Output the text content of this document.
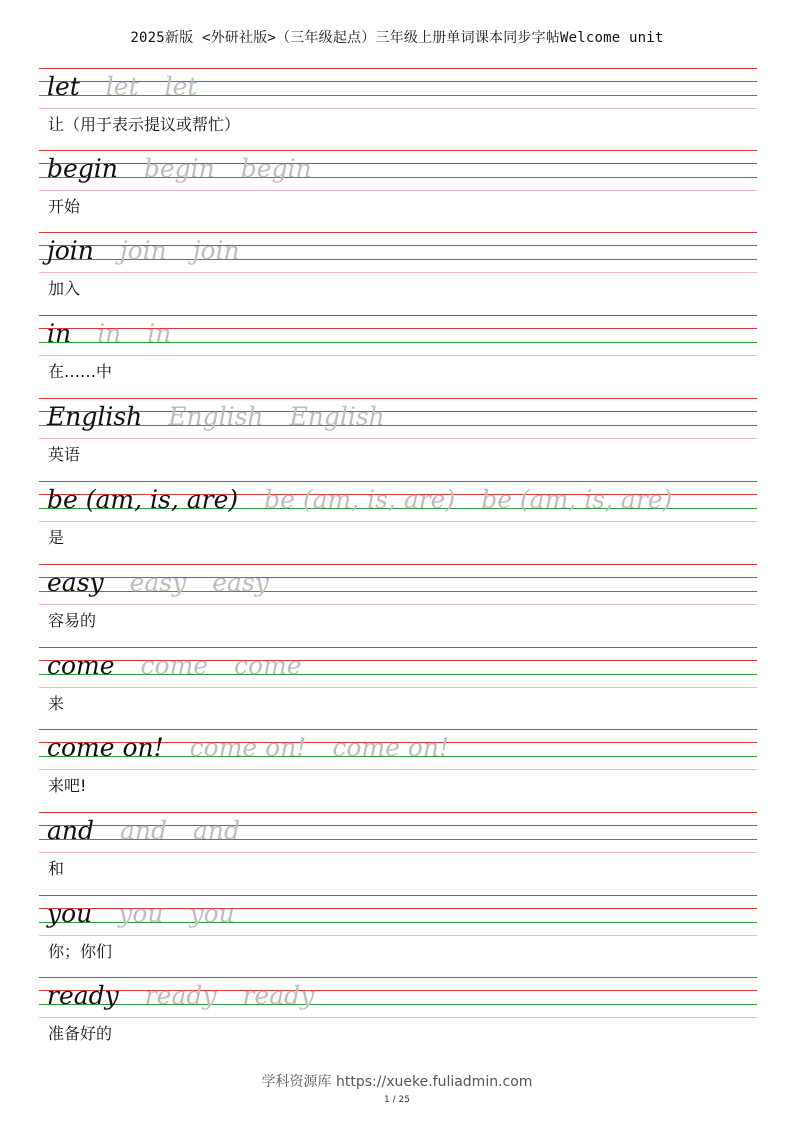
2025新版 <外研社版>（三年级起点）三年级上册单词课本同步字帖Welcome unit
let let let
让（用于表示提议或帮忙）
begin begin begin
开始
join join join
加入
in in in
在……中
English English English
英语
be (am, is, are) be (am, is, are) be (am, is, are)
是
easy easy easy
容易的
come come come
来
come on! come on! come on!
来吧!
and and and
和
you you you
你；你们
ready ready ready
准备好的
学科资源库 https://xueke.fuliadmin.com
1 / 25
